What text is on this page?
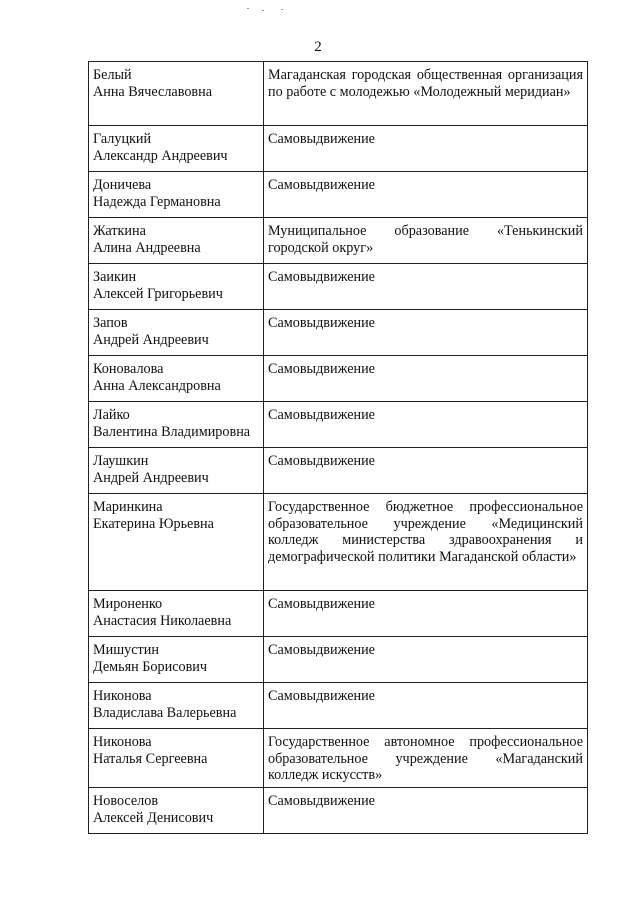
2
Белый
Анна Вячеславовна	Магаданская городская общественная организация по работе с молодежью «Молодежный меридиан»

Галуцкий
Александр Андреевич	Самовыдвижение

Доничева
Надежда Германовна	Самовыдвижение

Жаткина
Алина Андреевна	Муниципальное образование «Тенькинский городской округ»

Заикин
Алексей Григорьевич	Самовыдвижение

Запов
Андрей Андреевич	Самовыдвижение

Коновалова
Анна Александровна	Самовыдвижение

Лайко
Валентина Владимировна	Самовыдвижение

Лаушкин
Андрей Андреевич	Самовыдвижение

Маринкина
Екатерина Юрьевна	Государственное бюджетное профессиональное образовательное учреждение «Медицинский колледж министерства здравоохранения и демографической политики Магаданской области»

Мироненко
Анастасия Николаевна	Самовыдвижение

Мишустин
Демьян Борисович	Самовыдвижение

Никонова
Владислава Валерьевна	Самовыдвижение

Никонова
Наталья Сергеевна	Государственное автономное профессиональное образовательное учреждение «Магаданский колледж искусств»

Новоселов
Алексей Денисович	Самовыдвижение
